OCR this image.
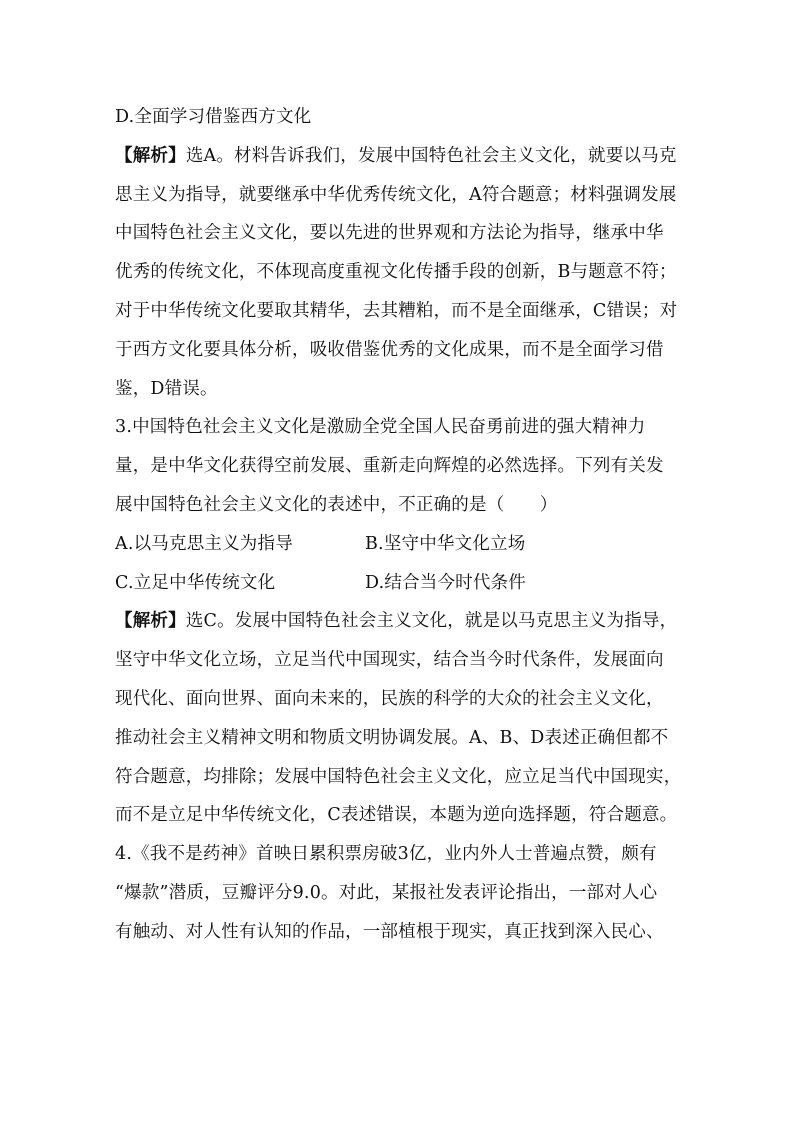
D.全面学习借鉴西方文化
【解析】选A。材料告诉我们，发展中国特色社会主义文化，就要以马克
思主义为指导，就要继承中华优秀传统文化，A符合题意；材料强调发展
中国特色社会主义文化，要以先进的世界观和方法论为指导，继承中华
优秀的传统文化，不体现高度重视文化传播手段的创新，B与题意不符；
对于中华传统文化要取其精华，去其糟粕，而不是全面继承，C错误；对
于西方文化要具体分析，吸收借鉴优秀的文化成果，而不是全面学习借
鉴，D错误。
3.中国特色社会主义文化是激励全党全国人民奋勇前进的强大精神力
量，是中华文化获得空前发展、重新走向辉煌的必然选择。下列有关发
展中国特色社会主义文化的表述中，不正确的是（　　）
A.以马克思主义为指导	B.坚守中华文化立场
C.立足中华传统文化	D.结合当今时代条件
【解析】选C。发展中国特色社会主义文化，就是以马克思主义为指导，
坚守中华文化立场，立足当代中国现实，结合当今时代条件，发展面向
现代化、面向世界、面向未来的，民族的科学的大众的社会主义文化，
推动社会主义精神文明和物质文明协调发展。A、B、D表述正确但都不
符合题意，均排除；发展中国特色社会主义文化，应立足当代中国现实，
而不是立足中华传统文化，C表述错误，本题为逆向选择题，符合题意。
4.《我不是药神》首映日累积票房破3亿，业内外人士普遍点赞，颇有
“爆款”潜质，豆瓣评分9.0。对此，某报社发表评论指出，一部对人心
有触动、对人性有认知的作品，一部植根于现实，真正找到深入民心、
